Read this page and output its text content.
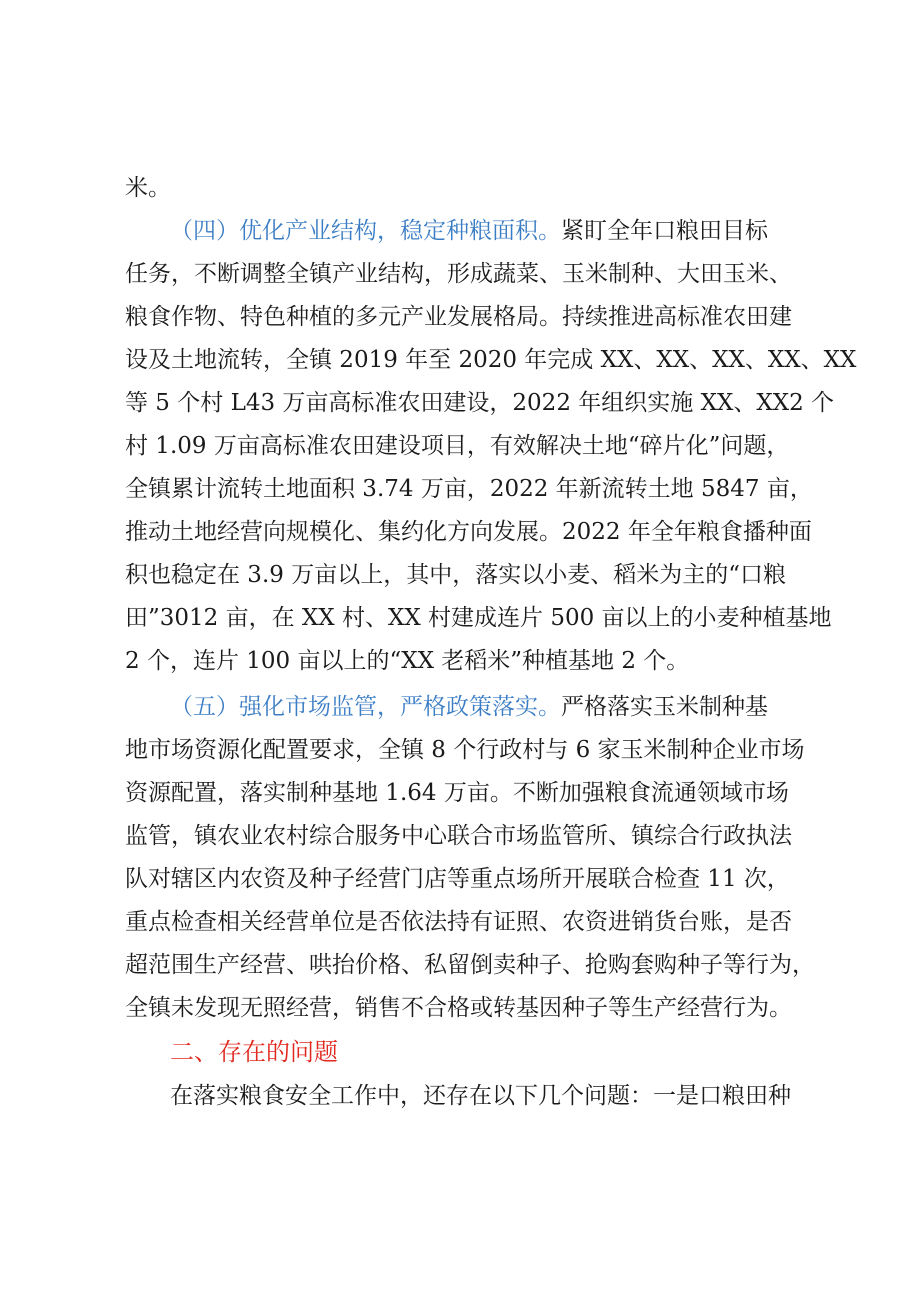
米。
（四）优化产业结构，稳定种粮面积。紧盯全年口粮田目标
任务，不断调整全镇产业结构，形成蔬菜、玉米制种、大田玉米、
粮食作物、特色种植的多元产业发展格局。持续推进高标准农田建
设及土地流转，全镇 2019 年至 2020 年完成 XX、XX、XX、XX、XX
等 5 个村 L43 万亩高标准农田建设，2022 年组织实施 XX、XX2 个
村 1.09 万亩高标准农田建设项目，有效解决土地“碎片化”问题，
全镇累计流转土地面积 3.74 万亩，2022 年新流转土地 5847 亩，
推动土地经营向规模化、集约化方向发展。2022 年全年粮食播种面
积也稳定在 3.9 万亩以上，其中，落实以小麦、稻米为主的“口粮
田”3012 亩，在 XX 村、XX 村建成连片 500 亩以上的小麦种植基地
2 个，连片 100 亩以上的“XX 老稻米”种植基地 2 个。
（五）强化市场监管，严格政策落实。严格落实玉米制种基
地市场资源化配置要求，全镇 8 个行政村与 6 家玉米制种企业市场
资源配置，落实制种基地 1.64 万亩。不断加强粮食流通领域市场
监管，镇农业农村综合服务中心联合市场监管所、镇综合行政执法
队对辖区内农资及种子经营门店等重点场所开展联合检查 11 次，
重点检查相关经营单位是否依法持有证照、农资进销货台账，是否
超范围生产经营、哄抬价格、私留倒卖种子、抢购套购种子等行为，
全镇未发现无照经营，销售不合格或转基因种子等生产经营行为。
二、存在的问题
在落实粮食安全工作中，还存在以下几个问题：一是口粮田种
